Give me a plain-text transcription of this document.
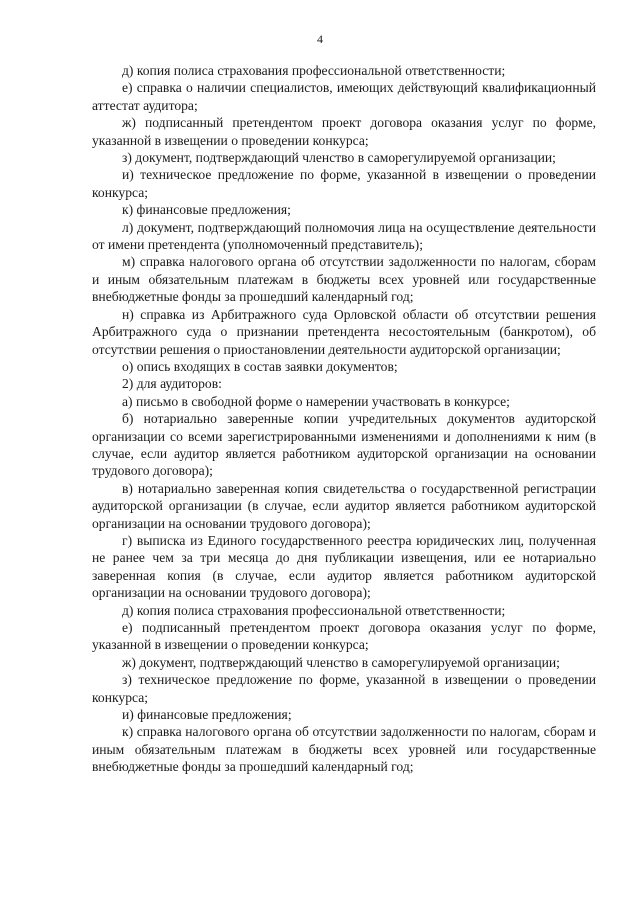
4

д) копия полиса страхования профессиональной ответственности;

е) справка о наличии специалистов, имеющих действующий квалификационный аттестат аудитора;

ж) подписанный претендентом проект договора оказания услуг по форме, указанной в извещении о проведении конкурса;

з) документ, подтверждающий членство в саморегулируемой организации;

и) техническое предложение по форме, указанной в извещении о проведении конкурса;

к) финансовые предложения;

л) документ, подтверждающий полномочия лица на осуществление деятельности от имени претендента (уполномоченный представитель);

м) справка налогового органа об отсутствии задолженности по налогам, сборам и иным обязательным платежам в бюджеты всех уровней или государственные внебюджетные фонды за прошедший календарный год;

н) справка из Арбитражного суда Орловской области об отсутствии решения Арбитражного суда о признании претендента несостоятельным (банкротом), об отсутствии решения о приостановлении деятельности аудиторской организации;

о) опись входящих в состав заявки документов;

2) для аудиторов:

а) письмо в свободной форме о намерении участвовать в конкурсе;

б) нотариально заверенные копии учредительных документов аудиторской организации со всеми зарегистрированными изменениями и дополнениями к ним (в случае, если аудитор является работником аудиторской организации на основании трудового договора);

в) нотариально заверенная копия свидетельства о государственной регистрации аудиторской организации (в случае, если аудитор является работником аудиторской организации на основании трудового договора);

г) выписка из Единого государственного реестра юридических лиц, полученная не ранее чем за три месяца до дня публикации извещения, или ее нотариально заверенная копия (в случае, если аудитор является работником аудиторской организации на основании трудового договора);

д) копия полиса страхования профессиональной ответственности;

е) подписанный претендентом проект договора оказания услуг по форме, указанной в извещении о проведении конкурса;

ж) документ, подтверждающий членство в саморегулируемой организации;

з) техническое предложение по форме, указанной в извещении о проведении конкурса;

и) финансовые предложения;

к) справка налогового органа об отсутствии задолженности по налогам, сборам и иным обязательным платежам в бюджеты всех уровней или государственные внебюджетные фонды за прошедший календарный год;
